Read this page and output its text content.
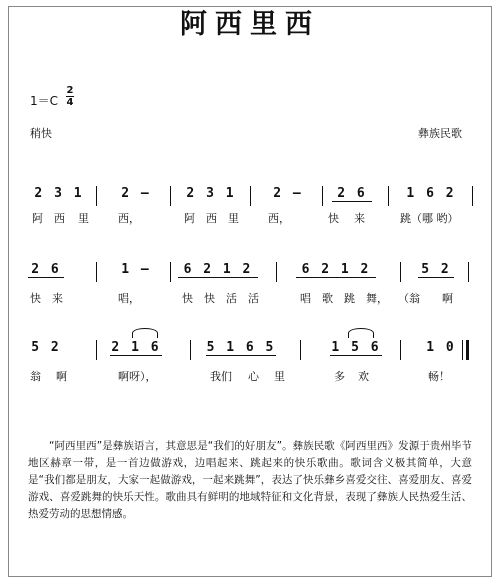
阿西里西
1＝C
2
4
稍快	彝族民歌
2 3 1	2 –	2 3 1	2 –	2 6	1 6 2
阿 西 里	西，	阿 西 里	西，	快 来	跳（哪 哟）
2 6	1 –	6 2 1 2	6 2 1 2	5 2
快 来	唱，	快 快 活 活	唱 歌 跳 舞， （翁 啊
5 2	2 1 6	5 1 6 5	1 5 6	1 0
翁 啊	啊呀），	我们 心 里	多 欢	畅！
“阿西里西”是彝族语言，其意思是“我们的好朋友”。彝族民歌《阿西里西》发源于贵州毕节地区赫章一带，是一首边做游戏，边唱起来、跳起来的快乐歌曲。歌词含义极其简单，大意是“我们都是朋友，大家一起做游戏，一起来跳舞”，表达了快乐彝乡喜爱交往、喜爱朋友、喜爱游戏、喜爱跳舞的快乐天性。歌曲具有鲜明的地域特征和文化背景，表现了彝族人民热爱生活、热爱劳动的思想情感。
